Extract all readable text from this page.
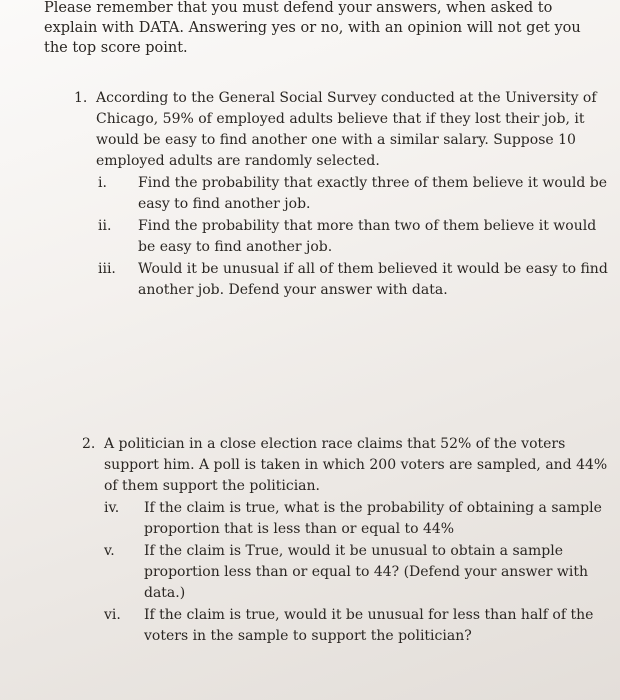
Please remember that you must defend your answers, when asked to explain with DATA. Answering yes or no, with an opinion will not get you the top score point.

1. According to the General Social Survey conducted at the University of Chicago, 59% of employed adults believe that if they lost their job, it would be easy to find another one with a similar salary. Suppose 10 employed adults are randomly selected.
i.	Find the probability that exactly three of them believe it would be easy to find another job.
ii.	Find the probability that more than two of them believe it would be easy to find another job.
iii.	Would it be unusual if all of them believed it would be easy to find another job. Defend your answer with data.
2. A politician in a close election race claims that 52% of the voters support him. A poll is taken in which 200 voters are sampled, and 44% of them support the politician.
iv.	If the claim is true, what is the probability of obtaining a sample proportion that is less than or equal to 44%
v.	If the claim is True, would it be unusual to obtain a sample proportion less than or equal to 44? (Defend your answer with data.)
vi.	If the claim is true, would it be unusual for less than half of the voters in the sample to support the politician?
